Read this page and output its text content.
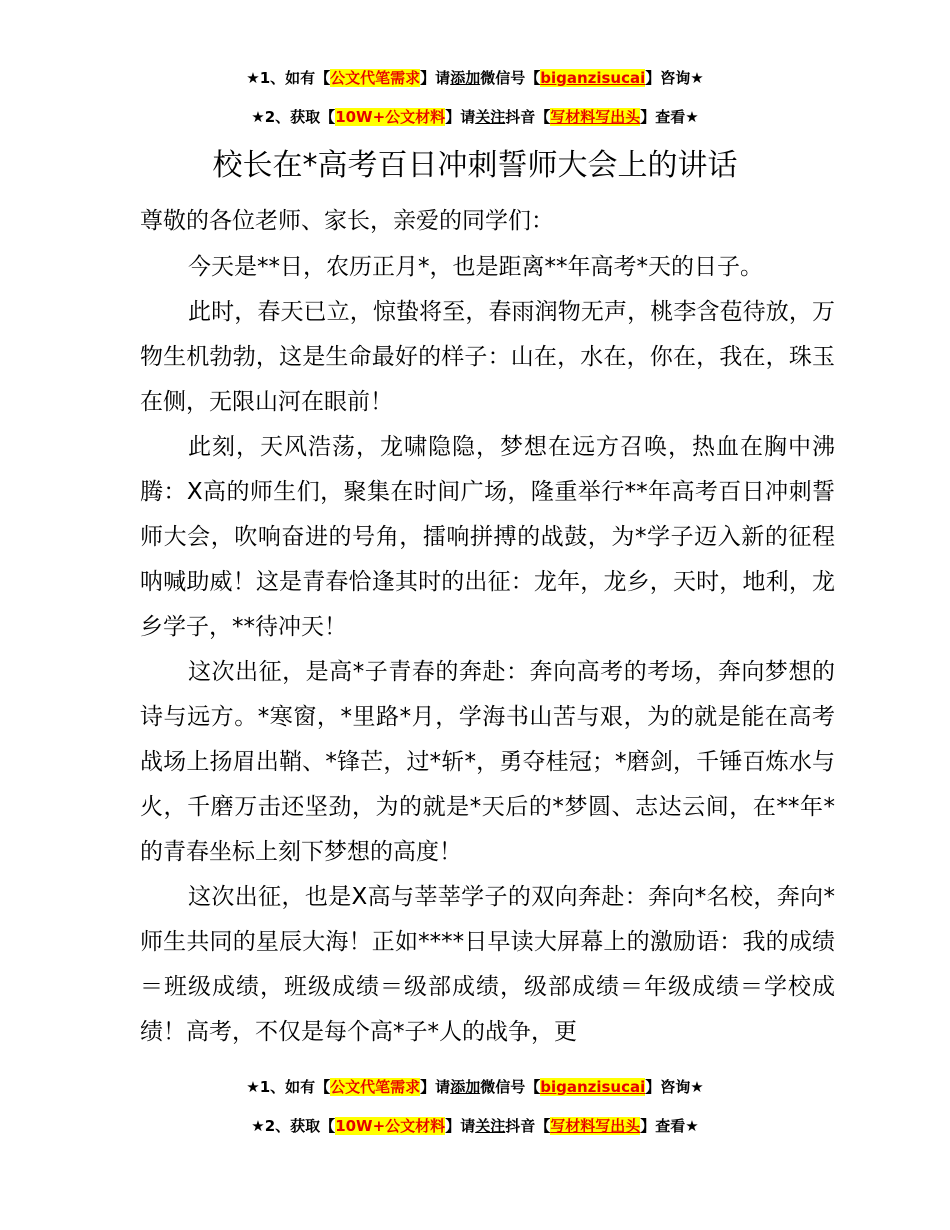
★1、如有【公文代笔需求】请添加微信号【biganzisucai】咨询★
★2、获取【10W+公文材料】请关注抖音【写材料写出头】查看★
校长在*高考百日冲刺誓师大会上的讲话

尊敬的各位老师、家长，亲爱的同学们：

今天是**日，农历正月*，也是距离**年高考*天的日子。

此时，春天已立，惊蛰将至，春雨润物无声，桃李含苞待放，万物生机勃勃，这是生命最好的样子：山在，水在，你在，我在，珠玉在侧，无限山河在眼前！

此刻，天风浩荡，龙啸隐隐，梦想在远方召唤，热血在胸中沸腾：X高的师生们，聚集在时间广场，隆重举行**年高考百日冲刺誓师大会，吹响奋进的号角，擂响拼搏的战鼓，为*学子迈入新的征程呐喊助威！这是青春恰逢其时的出征：龙年，龙乡，天时，地利，龙乡学子，**待冲天！

这次出征，是高*子青春的奔赴：奔向高考的考场，奔向梦想的诗与远方。*寒窗，*里路*月，学海书山苦与艰，为的就是能在高考战场上扬眉出鞘、*锋芒，过*斩*，勇夺桂冠；*磨剑，千锤百炼水与火，千磨万击还坚劲，为的就是*天后的*梦圆、志达云间，在**年*的青春坐标上刻下梦想的高度！

这次出征，也是X高与莘莘学子的双向奔赴：奔向*名校，奔向*师生共同的星辰大海！正如****日早读大屏幕上的激励语：我的成绩＝班级成绩，班级成绩＝级部成绩，级部成绩＝年级成绩＝学校成绩！高考，不仅是每个高*子*人的战争，更

★1、如有【公文代笔需求】请添加微信号【biganzisucai】咨询★
★2、获取【10W+公文材料】请关注抖音【写材料写出头】查看★
